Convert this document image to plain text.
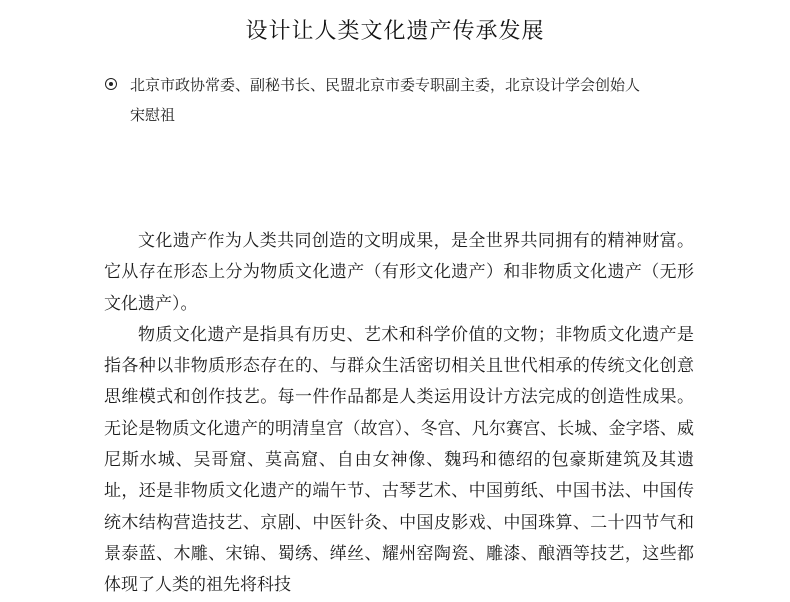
设计让人类文化遗产传承发展
北京市政协常委、副秘书长、民盟北京市委专职副主委，北京设计学会创始人
宋慰祖

文化遗产作为人类共同创造的文明成果，是全世界共同拥有的精神财富。它从存在形态上分为物质文化遗产（有形文化遗产）和非物质文化遗产（无形文化遗产）。

物质文化遗产是指具有历史、艺术和科学价值的文物；非物质文化遗产是指各种以非物质形态存在的、与群众生活密切相关且世代相承的传统文化创意思维模式和创作技艺。每一件作品都是人类运用设计方法完成的创造性成果。无论是物质文化遗产的明清皇宫（故宫）、冬宫、凡尔赛宫、长城、金字塔、威尼斯水城、吴哥窟、莫高窟、自由女神像、魏玛和德绍的包豪斯建筑及其遗址，还是非物质文化遗产的端午节、古琴艺术、中国剪纸、中国书法、中国传统木结构营造技艺、京剧、中医针灸、中国皮影戏、中国珠算、二十四节气和景泰蓝、木雕、宋锦、蜀绣、缂丝、耀州窑陶瓷、雕漆、酿酒等技艺，这些都体现了人类的祖先将科技
